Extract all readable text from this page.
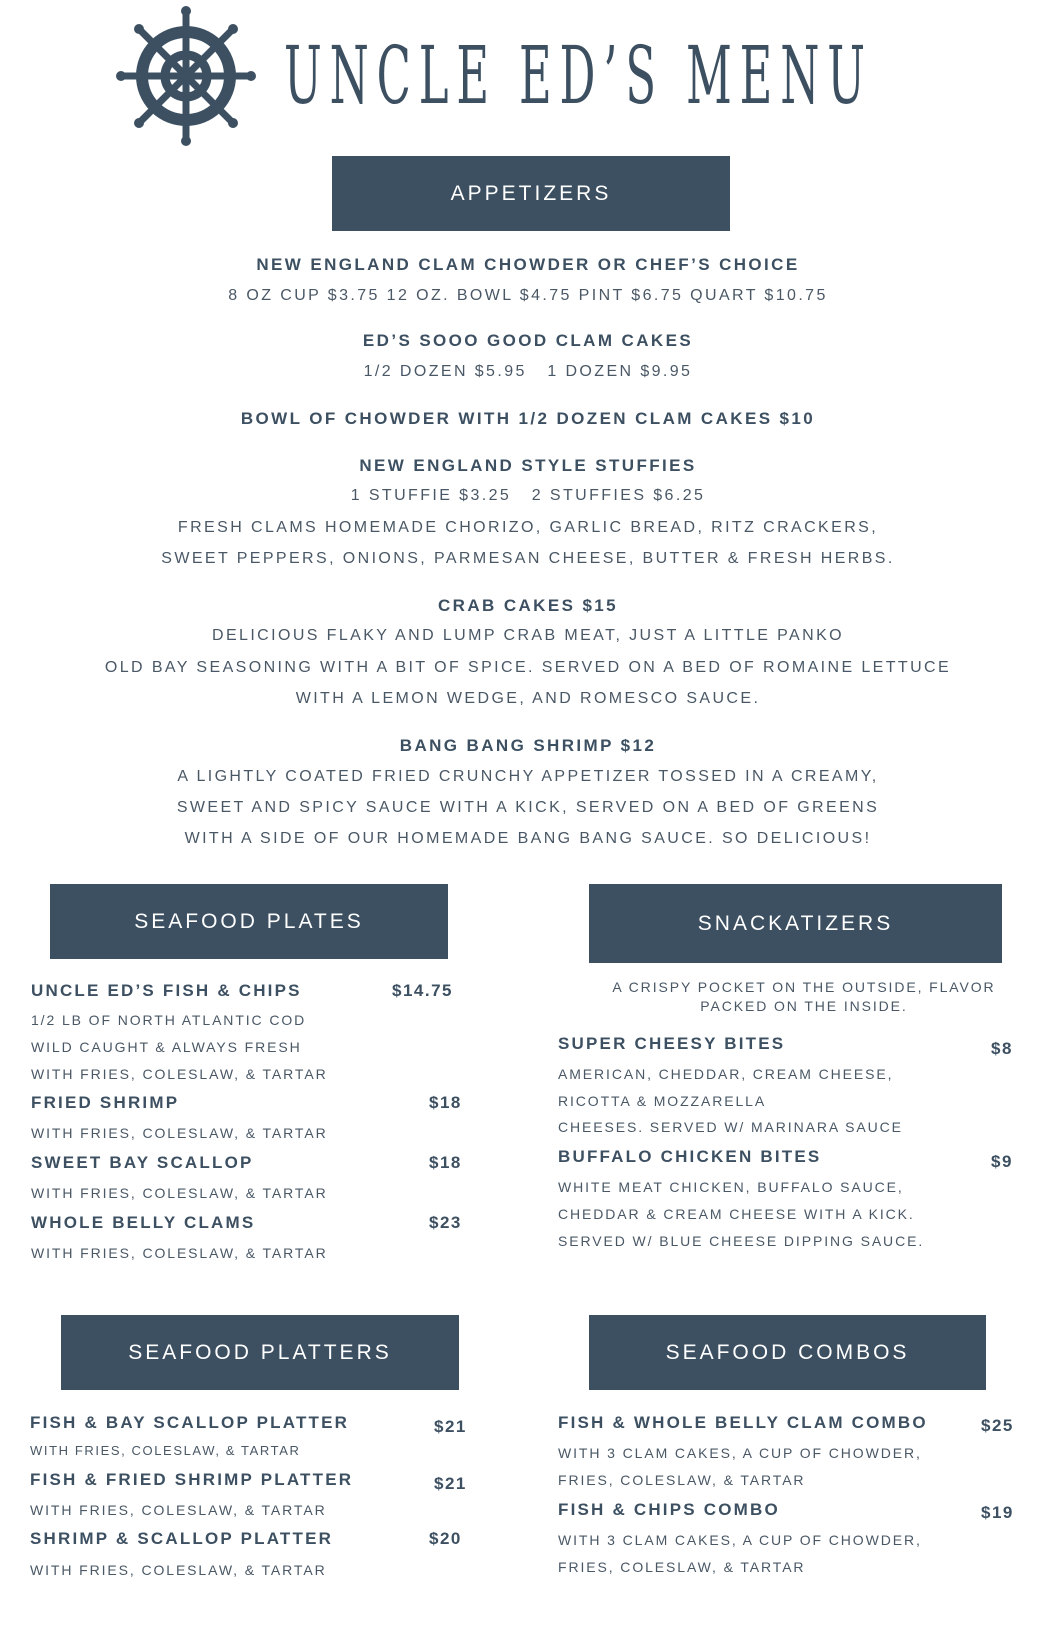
UNCLE ED’S MENU
APPETIZERS
NEW ENGLAND CLAM CHOWDER OR CHEF’S CHOICE
8 OZ CUP $3.75 12 OZ. BOWL $4.75 PINT $6.75 QUART $10.75
ED’S SOOO GOOD CLAM CAKES
1/2 DOZEN $5.95   1 DOZEN $9.95
BOWL OF CHOWDER WITH 1/2 DOZEN CLAM CAKES $10
NEW ENGLAND STYLE STUFFIES
1 STUFFIE $3.25   2 STUFFIES $6.25
FRESH CLAMS HOMEMADE CHORIZO, GARLIC BREAD, RITZ CRACKERS,
SWEET PEPPERS, ONIONS, PARMESAN CHEESE, BUTTER & FRESH HERBS.
CRAB CAKES $15
DELICIOUS FLAKY AND LUMP CRAB MEAT, JUST A LITTLE PANKO
OLD BAY SEASONING WITH A BIT OF SPICE. SERVED ON A BED OF ROMAINE LETTUCE
WITH A LEMON WEDGE, AND ROMESCO SAUCE.
BANG BANG SHRIMP $12
A LIGHTLY COATED FRIED CRUNCHY APPETIZER TOSSED IN A CREAMY,
SWEET AND SPICY SAUCE WITH A KICK, SERVED ON A BED OF GREENS
WITH A SIDE OF OUR HOMEMADE BANG BANG SAUCE. SO DELICIOUS!
SEAFOOD PLATES
UNCLE ED’S FISH & CHIPS	$14.75
1/2 LB OF NORTH ATLANTIC COD
WILD CAUGHT & ALWAYS FRESH
WITH FRIES, COLESLAW, & TARTAR
FRIED SHRIMP	$18
WITH FRIES, COLESLAW, & TARTAR
SWEET BAY SCALLOP	$18
WITH FRIES, COLESLAW, & TARTAR
WHOLE BELLY CLAMS	$23
WITH FRIES, COLESLAW, & TARTAR
SNACKATIZERS
A CRISPY POCKET ON THE OUTSIDE, FLAVOR
PACKED ON THE INSIDE.
SUPER CHEESY BITES	$8
AMERICAN, CHEDDAR, CREAM CHEESE,
RICOTTA & MOZZARELLA
CHEESES. SERVED W/ MARINARA SAUCE
BUFFALO CHICKEN BITES	$9
WHITE MEAT CHICKEN, BUFFALO SAUCE,
CHEDDAR & CREAM CHEESE WITH A KICK.
SERVED W/ BLUE CHEESE DIPPING SAUCE.
SEAFOOD PLATTERS
FISH & BAY SCALLOP PLATTER	$21
WITH FRIES, COLESLAW, & TARTAR
FISH & FRIED SHRIMP PLATTER	$21
WITH FRIES, COLESLAW, & TARTAR
SHRIMP & SCALLOP PLATTER	$20
WITH FRIES, COLESLAW, & TARTAR
SEAFOOD COMBOS
FISH & WHOLE BELLY CLAM COMBO	$25
WITH 3 CLAM CAKES, A CUP OF CHOWDER,
FRIES, COLESLAW, & TARTAR
FISH & CHIPS COMBO	$19
WITH 3 CLAM CAKES, A CUP OF CHOWDER,
FRIES, COLESLAW, & TARTAR
